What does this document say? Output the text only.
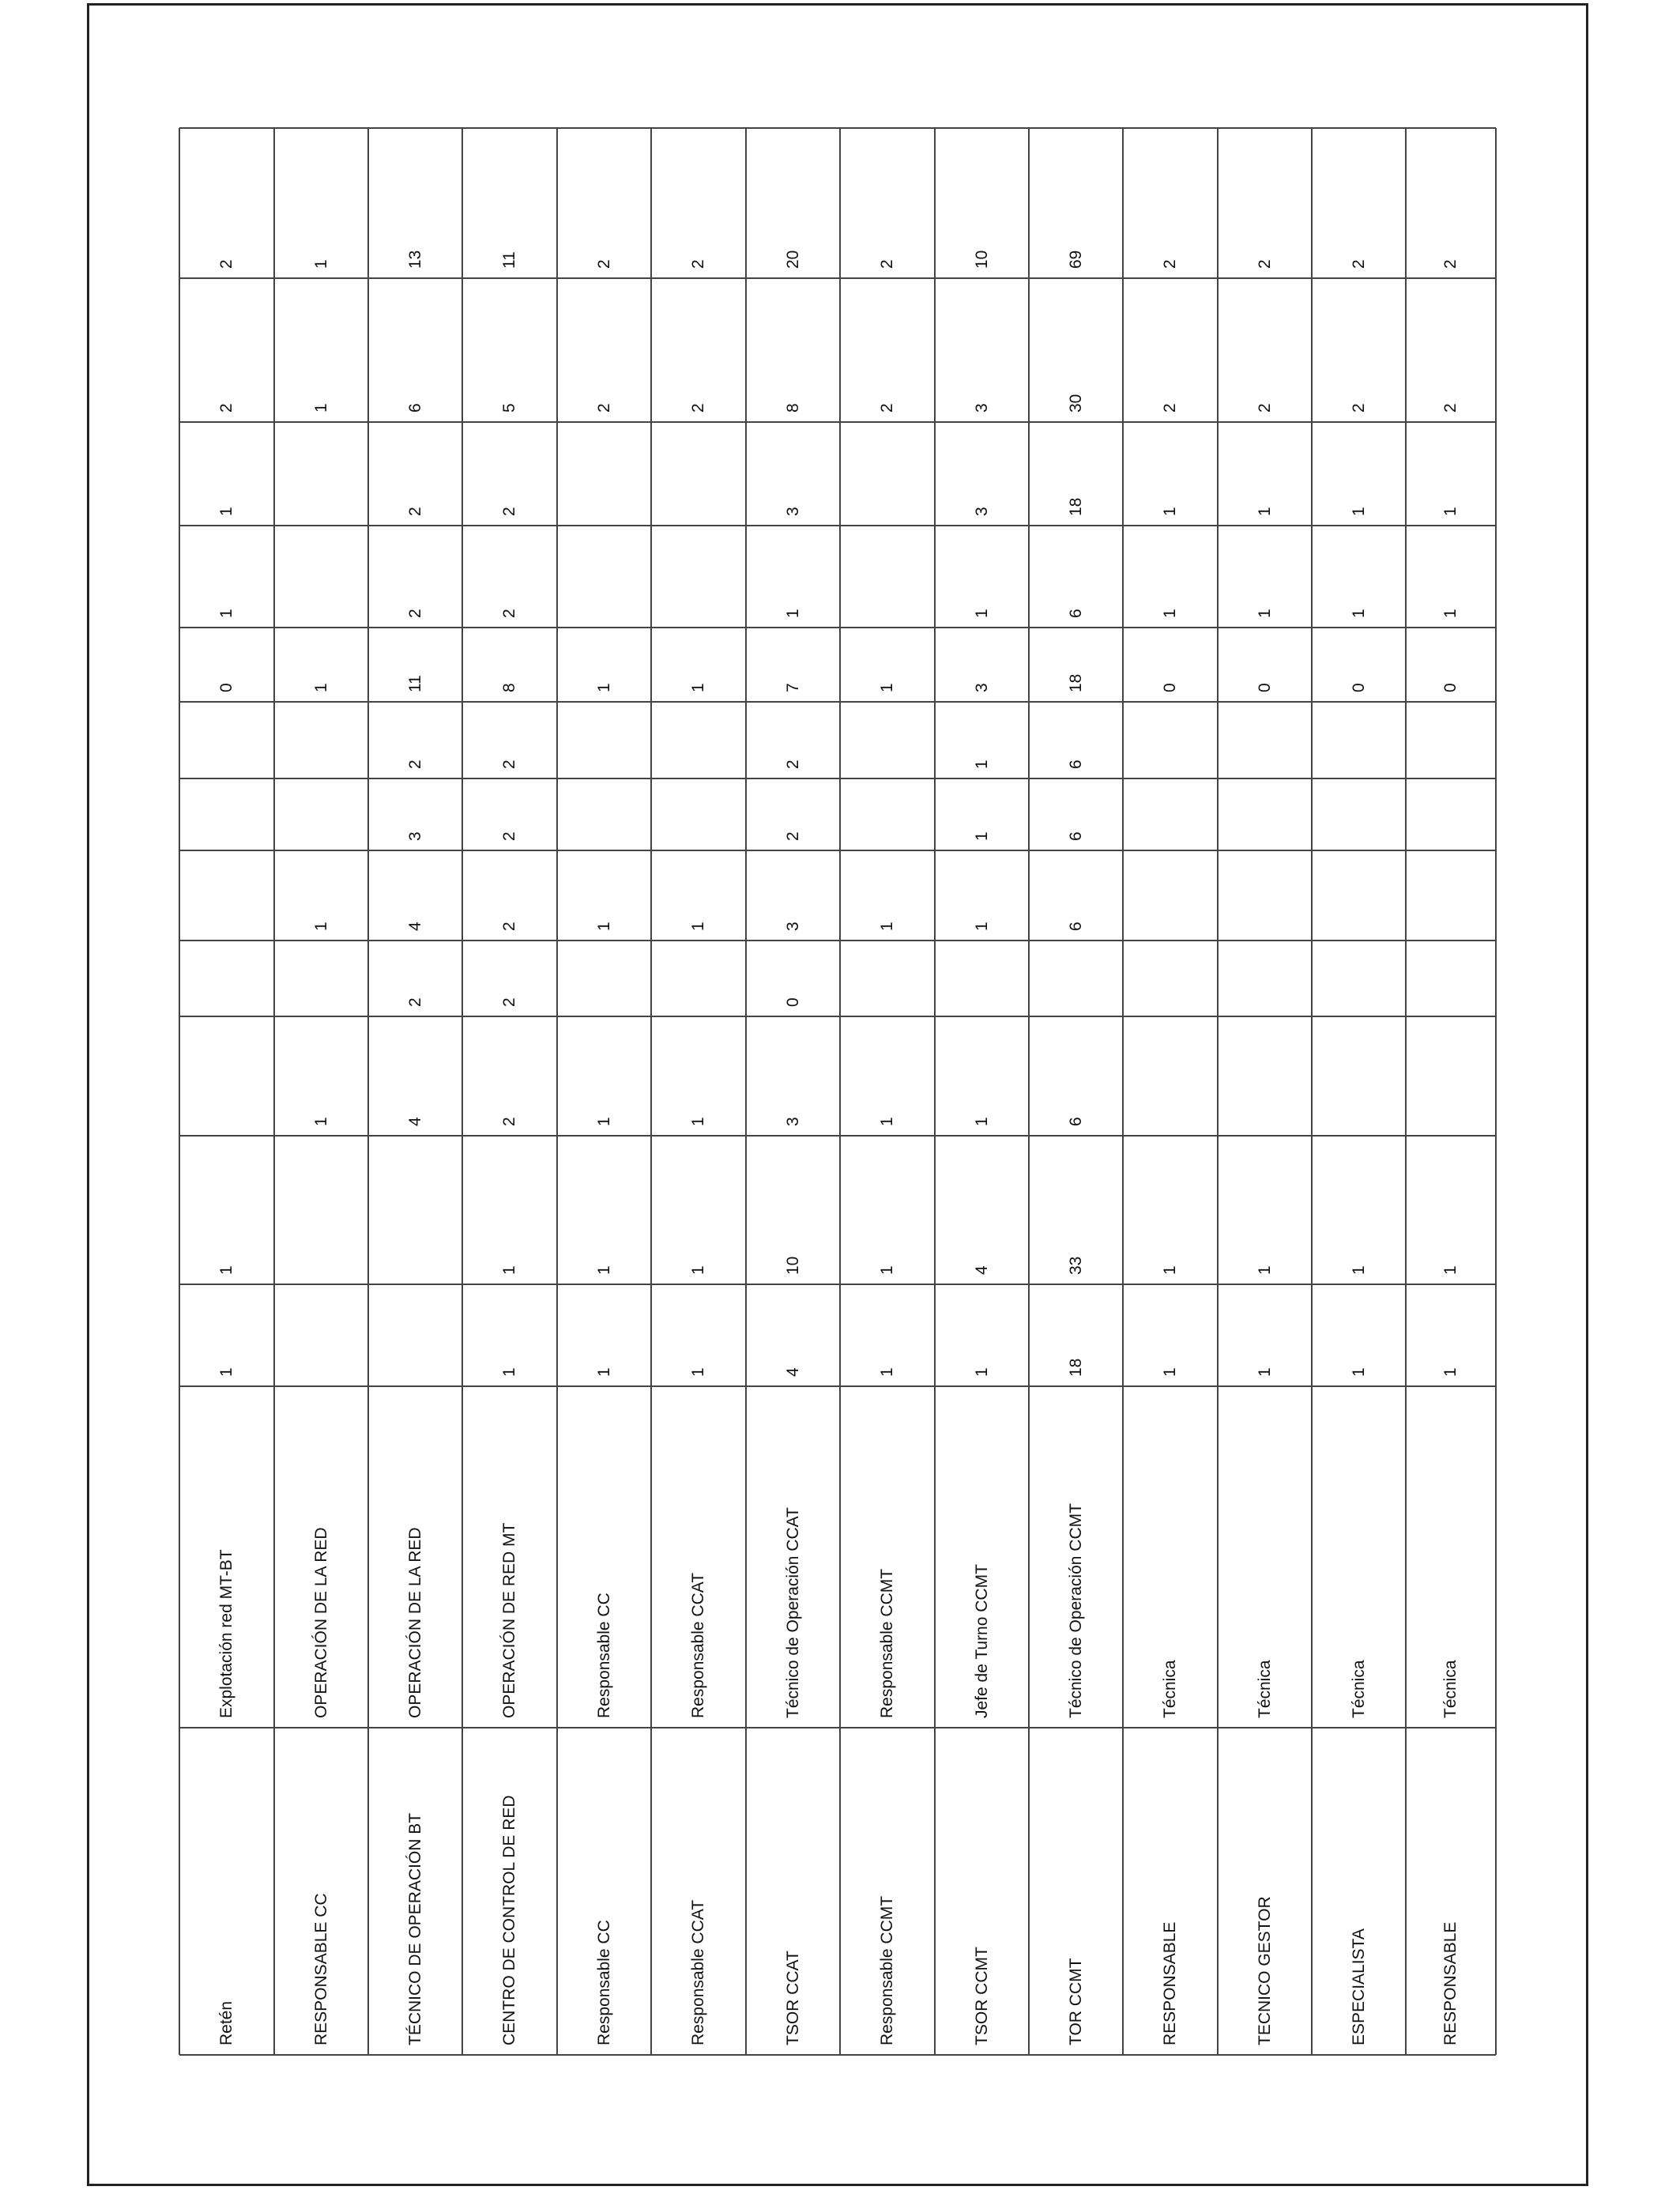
Retén
Explotación red MT-BT
1
1
0
1
1
2
2
RESPONSABLE CC
OPERACIÓN DE LA RED
1
1
1
1
1
TÉCNICO DE OPERACIÓN BT
OPERACIÓN DE LA RED
4
2
4
3
2
11
2
2
6
13
CENTRO DE CONTROL DE RED
OPERACIÓN DE RED MT
1
1
2
2
2
2
2
8
2
2
5
11
Responsable CC
Responsable CC
1
1
1
1
1
2
2
Responsable CCAT
Responsable CCAT
1
1
1
1
1
2
2
TSOR CCAT
Técnico de Operación CCAT
4
10
3
0
3
2
2
7
1
3
8
20
Responsable CCMT
Responsable CCMT
1
1
1
1
1
2
2
TSOR CCMT
Jefe de Turno CCMT
1
4
1
1
1
1
3
1
3
3
10
TOR CCMT
Técnico de Operación CCMT
18
33
6
6
6
6
18
6
18
30
69
RESPONSABLE
Técnica
1
1
0
1
1
2
2
TECNICO GESTOR
Técnica
1
1
0
1
1
2
2
ESPECIALISTA
Técnica
1
1
0
1
1
2
2
RESPONSABLE
Técnica
1
1
0
1
1
2
2
